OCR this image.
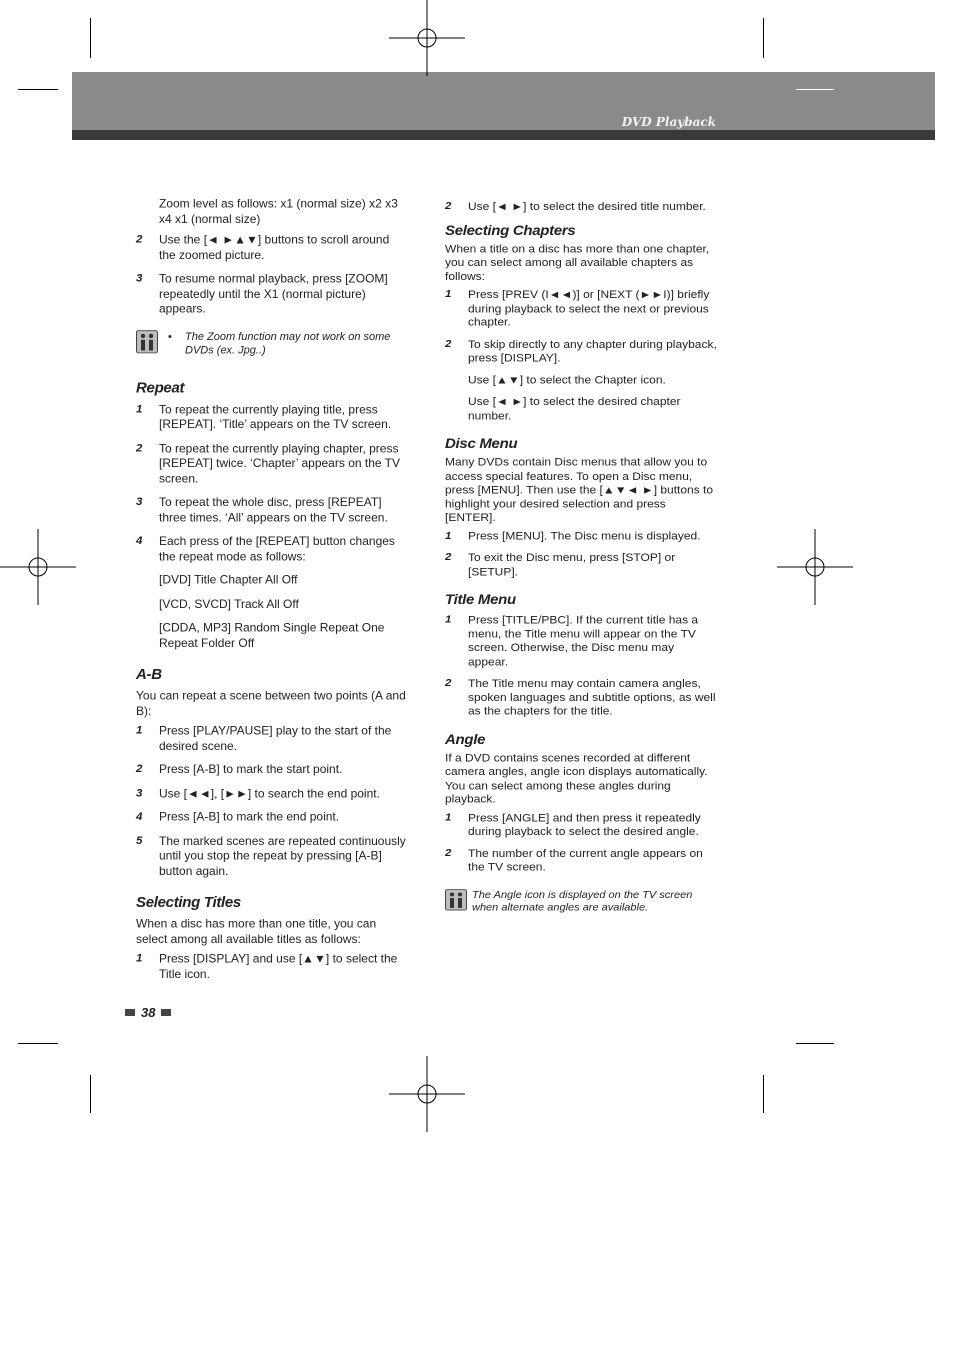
DVD Playback
Zoom level as follows: x1 (normal size) x2 x3 x4 x1 (normal size)
2 Use the [◄ ►▲▼] buttons to scroll around the zoomed picture.
3 To resume normal playback, press [ZOOM] repeatedly until the X1 (normal picture) appears.
• The Zoom function may not work on some DVDs (ex. Jpg..)
Repeat
1 To repeat the currently playing title, press [REPEAT]. ‘Title’ appears on the TV screen.
2 To repeat the currently playing chapter, press [REPEAT] twice. ‘Chapter’ appears on the TV screen.
3 To repeat the whole disc, press [REPEAT] three times. ‘All’ appears on the TV screen.
4 Each press of the [REPEAT] button changes the repeat mode as follows:
[DVD] Title Chapter All Off
[VCD, SVCD] Track All Off
[CDDA, MP3] Random Single Repeat One Repeat Folder Off
A-B
You can repeat a scene between two points (A and B):
1 Press [PLAY/PAUSE] play to the start of the desired scene.
2 Press [A-B] to mark the start point.
3 Use [◄◄], [►►] to search the end point.
4 Press [A-B] to mark the end point.
5 The marked scenes are repeated continuously until you stop the repeat by pressing [A-B] button again.
Selecting Titles
When a disc has more than one title, you can select among all available titles as follows:
1 Press [DISPLAY] and use [▲▼] to select the Title icon.
2 Use [◄ ►] to select the desired title number.
Selecting Chapters
When a title on a disc has more than one chapter, you can select among all available chapters as follows:
1 Press [PREV (I◄◄)] or [NEXT (►►I)] briefly during playback to select the next or previous chapter.
2 To skip directly to any chapter during playback, press [DISPLAY].
Use [▲▼] to select the Chapter icon.
Use [◄ ►] to select the desired chapter number.
Disc Menu
Many DVDs contain Disc menus that allow you to access special features. To open a Disc menu, press [MENU]. Then use the [▲▼◄ ►] buttons to highlight your desired selection and press [ENTER].
1 Press [MENU]. The Disc menu is displayed.
2 To exit the Disc menu, press [STOP] or [SETUP].
Title Menu
1 Press [TITLE/PBC]. If the current title has a menu, the Title menu will appear on the TV screen. Otherwise, the Disc menu may appear.
2 The Title menu may contain camera angles, spoken languages and subtitle options, as well as the chapters for the title.
Angle
If a DVD contains scenes recorded at different camera angles, angle icon displays automatically. You can select among these angles during playback.
1 Press [ANGLE] and then press it repeatedly during playback to select the desired angle.
2 The number of the current angle appears on the TV screen.
The Angle icon is displayed on the TV screen when alternate angles are available.
38
